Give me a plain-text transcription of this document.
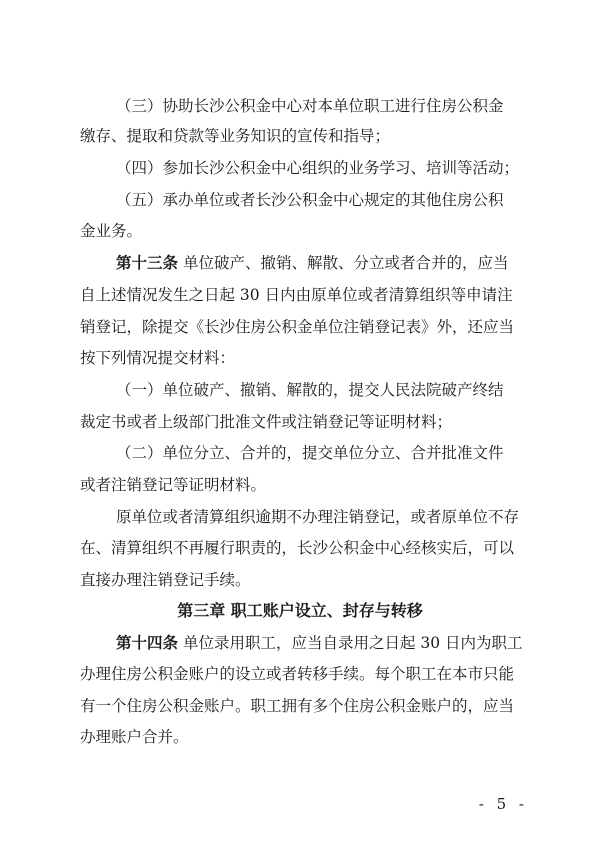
（三）协助长沙公积金中心对本单位职工进行住房公积金
缴存、提取和贷款等业务知识的宣传和指导；
（四）参加长沙公积金中心组织的业务学习、培训等活动；
（五）承办单位或者长沙公积金中心规定的其他住房公积
金业务。
第十三条 单位破产、撤销、解散、分立或者合并的，应当
自上述情况发生之日起 30 日内由原单位或者清算组织等申请注
销登记，除提交《长沙住房公积金单位注销登记表》外，还应当
按下列情况提交材料：
（一）单位破产、撤销、解散的，提交人民法院破产终结
裁定书或者上级部门批准文件或注销登记等证明材料；
（二）单位分立、合并的，提交单位分立、合并批准文件
或者注销登记等证明材料。
原单位或者清算组织逾期不办理注销登记，或者原单位不存
在、清算组织不再履行职责的，长沙公积金中心经核实后，可以
直接办理注销登记手续。
第三章 职工账户设立、封存与转移
第十四条 单位录用职工，应当自录用之日起 30 日内为职工
办理住房公积金账户的设立或者转移手续。每个职工在本市只能
有一个住房公积金账户。职工拥有多个住房公积金账户的，应当
办理账户合并。
- 5 -
